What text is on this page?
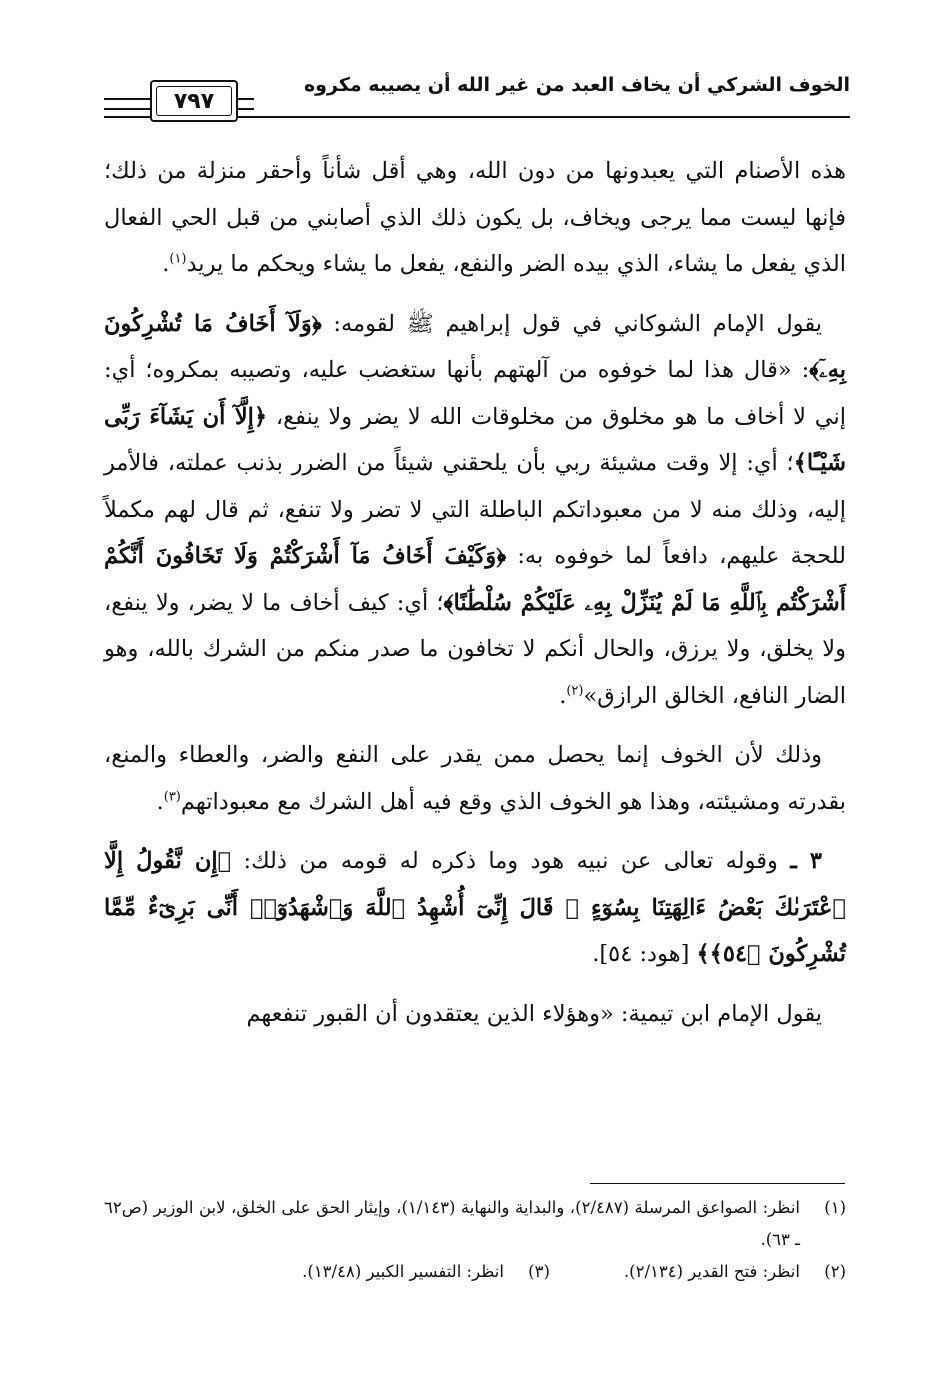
الخوف الشركي أن يخاف العبد من غير الله أن يصيبه مكروه
٧٩٧

هذه الأصنام التي يعبدونها من دون الله، وهي أقل شأناً وأحقر منزلة من ذلك؛ فإنها ليست مما يرجى ويخاف، بل يكون ذلك الذي أصابني من قبل الحي الفعال الذي يفعل ما يشاء، الذي بيده الضر والنفع، يفعل ما يشاء ويحكم ما يريد$^{(١)}$.

يقول الإمام الشوكاني في قول إبراهيم ﷺ لقومه: ﴿وَلَآ أَخَافُ مَا تُشْرِكُونَ بِهِۦٓ﴾: «قال هذا لما خوفوه من آلهتهم بأنها ستغضب عليه، وتصيبه بمكروه؛ أي: إني لا أخاف ما هو مخلوق من مخلوقات الله لا يضر ولا ينفع، ﴿إِلَّآ أَن يَشَآءَ رَبِّى شَيْـًٔا﴾؛ أي: إلا وقت مشيئة ربي بأن يلحقني شيئاً من الضرر بذنب عملته، فالأمر إليه، وذلك منه لا من معبوداتكم الباطلة التي لا تضر ولا تنفع، ثم قال لهم مكملاً للحجة عليهم، دافعاً لما خوفوه به: ﴿وَكَيْفَ أَخَافُ مَآ أَشْرَكْتُمْ وَلَا تَخَافُونَ أَنَّكُمْ أَشْرَكْتُم بِٱللَّهِ مَا لَمْ يُنَزِّلْ بِهِۦ عَلَيْكُمْ سُلْطَٰنًا﴾؛ أي: كيف أخاف ما لا يضر، ولا ينفع، ولا يخلق، ولا يرزق، والحال أنكم لا تخافون ما صدر منكم من الشرك بالله، وهو الضار النافع، الخالق الرازق»$^{(٢)}$.

وذلك لأن الخوف إنما يحصل ممن يقدر على النفع والضر، والعطاء والمنع، بقدرته ومشيئته، وهذا هو الخوف الذي وقع فيه أهل الشرك مع معبوداتهم$^{(٣)}$.

٣ ـ وقوله تعالى عن نبيه هود وما ذكره له قومه من ذلك: ﴿إِن نَّقُولُ إِلَّا ٱعْتَرَىٰكَ بَعْضُ ءَالِهَتِنَا بِسُوٓءٍ ۗ قَالَ إِنِّىٓ أُشْهِدُ ٱللَّهَ وَٱشْهَدُوٓا۟ أَنِّى بَرِىٓءٌ مِّمَّا تُشْرِكُونَ ﴿٥٤﴾﴾ [هود: ٥٤].

يقول الإمام ابن تيمية: «وهؤلاء الذين يعتقدون أن القبور تنفعهم

(١)
انظر: الصواعق المرسلة (٢/٤٨٧)، والبداية والنهاية (١/١٤٣)، وإيثار الحق على الخلق، لابن الوزير (ص٦٢ ـ ٦٣).
(٢)
انظر: فتح القدير (٢/١٣٤).
(٣)
انظر: التفسير الكبير (١٣/٤٨).
